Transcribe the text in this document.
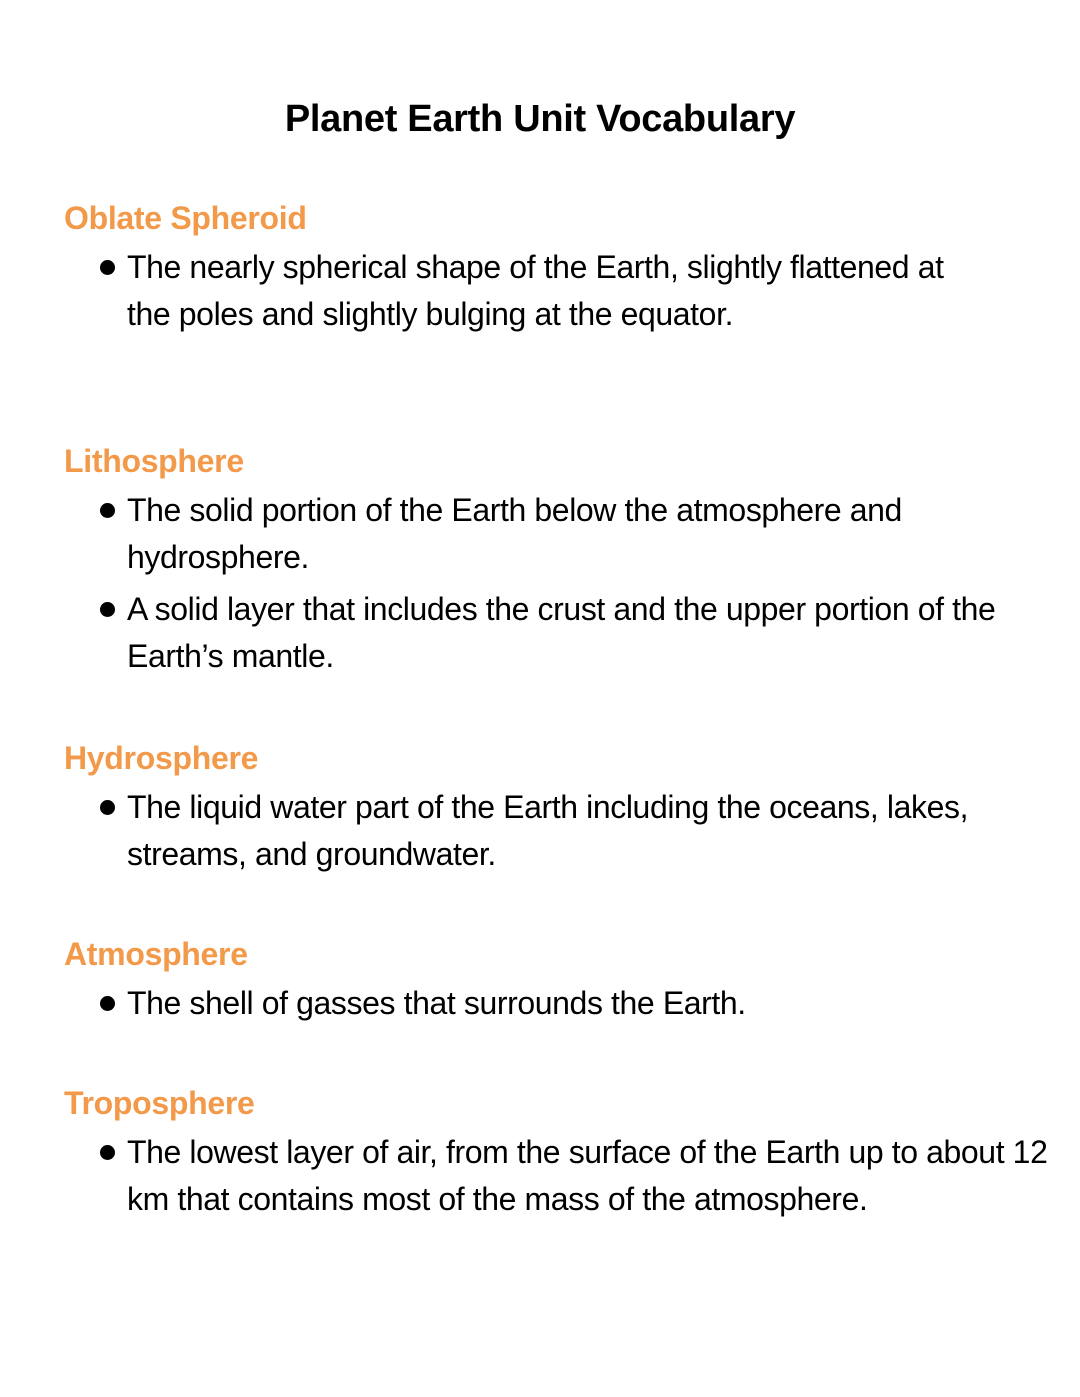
Planet Earth Unit Vocabulary
Oblate Spheroid
The nearly spherical shape of the Earth, slightly flattened at the poles and slightly bulging at the equator.
Lithosphere
The solid portion of the Earth below the atmosphere and hydrosphere.
A solid layer that includes the crust and the upper portion of the Earth’s mantle.
Hydrosphere
The liquid water part of the Earth including the oceans, lakes, streams, and groundwater.
Atmosphere
The shell of gasses that surrounds the Earth.
Troposphere
The lowest layer of air, from the surface of the Earth up to about 12 km that contains most of the mass of the atmosphere.
